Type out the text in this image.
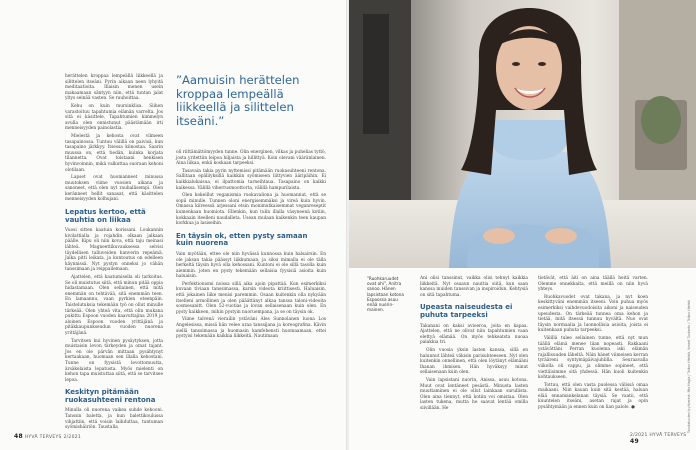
herättelen kroppaa lempeällä liikkeellä ja silittelen itseäni. Pyrin aikaan neen lyhyitä meditaatioita. Illaisin menen usein makaamaan säntyyn niin, että tuntan jalat yltys seinää vasten. Se rauhoittaa.

Kehu on kuin mursinklisa. Siihen varastoituu tapahtumia elämän varrelta. Jos sitä ei käsittele, Tapahtumien kimmelyn avulla olen onnistunut päästämään irti menneisyyden painolastia.

Mielestä ja kehosta ovat vilmeen tasapainossa. Tuntuu välillä on paivisä, kun tasapaino järkkyy. Itsessa kiinostaa. Saarin muussa on, että tiedän, kuinka korjata tilannetta. Ovat toistaani henkisen hyvinvoinnin, mikä valkuttaa suoraan kehoni olotilaan.

Lapset ovat huomanneet minussa muutoksen viime vuosien aikana ja sanoneet, että olen nyt rauhallisempi. Olen keränneet hellit sanasat, että käsittelen menneisyyden kolhujani.

Lepatus kertoo, että vauhtia on liikaa

Vuosi sitten kaatuin korissani. Loukannin kivilattialla ja rojahdin olkaan jalkaan päälle. Kipu oli niin kova, että taju meinasi lähteä. Magneettikuvauksessa selvisi täydellisen talluveiden hanverin repeämä. Jalka pitti leikata, ja kuntoutus on edelleen käynnissä. Nyt pystyn onneksi jo vähän tanssimaan ja reippailemaan.

Ajattelen, että kaatumisella oli tarkoitus. Se oli muistutus siitä, että minun pitää oppia hidastamaan. Olen sellainen, että mitä enemmän on tehtävää, sitä enemmän teen. En lamaannu, vaan pyrkien eteenpäin. Taistelutuksia tekemään työ on ollut minulle tärkeää. Olen yhteä vita, että olin mukana pukittu Espoon vuoden kaavuttajina 2019 ja aloinen Espoon vuoden yrittäjänä ja pitäkkaupunkseudun vuoden nuorena yrittäjänä.

Tarvitsen kui hyvinen pysäytyksen, jotta muistaisin levon tärkeyden ja omat tajant. Jos en ole pärvän mittaan pysähtynyt kertaakaan, huomaan sen illalla kehostani. Tunne on fyysistä levottomuutta, ärsäkelaista lepatusta. Myös mielenti on kehon tapa muistuttaa siitä, että se tarvitsee lepoa.

Keskityn pitämään ruokasuhteeni rentona

Minulla oli nuorena vaikea suhde kehooni. Tanssin baletta, ja kun balettikoulussa vihjattiin, että voisin laihduttaa, tuntuman syömishäiriön. Taustalla

”Aamuisin herättelen kroppaa lempeällä liikkeellä ja silittelen itseäni.”

oli riittämättömyyden tunne. Olin energinen, vilkas ja puhelias tyttö, josta yritettiin leipoa hiljaista ja hillittyä. Koin olevani vääränlainen. Aina liikaa, enkä koskaan tarpeeksi.

Tasavain takia pyrin nyttemissi pitämään ruokasuhteeni rentona. Sallitaan epälilyksillä kaikkiin syömiseen liittyvien ääripäihin. Ei kaikkialukaisua, ei ilpattomia tarneihtaua. Tasapaino on kaikki kaikessa. Välillä viherrusmoottorta, välillä hampurilaista.

Olen kokeillut veganismia ruokavaliona ja huomannut, että se sopii minulle. Tunnen oloni energisemmäksi ja vireä kuin hyvin. Omassa kiireessä arjessani etsin monimutkaisemmat veganreseptit kumenkaan huomiota. Ellenkin, kun tulin illalla väsyneenä kotiin, kokkaain iteelleni naudalleta. Usean mulaan kaikenkin teen kaupan korkkua ja lasiseihin.

En täysin ok, etten pysty samaan kuin nuorena

Vain myötään, ettee ole niin hyvässä kunnossa kuin halsairsin. En ole jaksan takia päässyt liikkumaan, ja siksi mimalla ei ole tälla herkeltä täysin hyvä olla kehossani. Kuntoni ei ole sillä tasolla kuin aiemmin. joten en pysty tekemään sellaisia fyysisiä asioita kuin haluaisin.

Perfektionismi noissa sillä aika ajoin pipattää. Kun esimerkiksi kuvaan tiviaan tanssimassa, karsin videota kriittisesti. Haluaisin, että jokainen liike menisi paremmin. Osaan kuitenkin olla nykyään itselleni armollinen ja olen pääättänyt alkaa tanssa taloni-videoita sosmesanitt. Olen 52-vuotias ja lovan sellaisenaan kuin olen. En pysty kaikkeen, mihin pystyin nuoruempana, ja se on täysin ok.

Viime talvenä vierailin ystäväni Ales Sunnolanen luona Los Angelesissa, missä hän velee uraa tanssijana ja koreografina. Kävin siellä tanssimassa ja huomasin kamfehensti huomaamaan, ettei pystyisi tekemään kaikkia liikkeitä. Nautimaan

48 HYVÄ TERVEYS 2/2021
Taustakuvien tyyliverinä: Mia Hagia / Talkoo Hietriä, Vosset Tuotanto / Talkoo Hietriä
"Ruohkaruudet ovat ohi", Anitra sanoo. Hänen lapsistaan kotona Espoossa asuu enää nuorin-mainen.

Ani olisi tanssinut, vaikka olisi tehnyt kaikkia liikkeitä. Nyt osaaun nauttia siitä, kun saan kanssa muiden tanssivan ja inspiroidun. Kehtysiä on sitä tapahtuma.

Upeasta naiseudesta ei puhuta tarpeeksi

Takanani on kaksi avioeroa, joita en kapaa. Ajattelen, että ne olivat niin tapahtumien vaan elettyä elämää. On myös tehkeatsta nuoaa palakkia tri.

Olin vuosia yksin lasten kanssa, sillä en halunnut lähteä väkisin parisuhteeseen. Nyt olen kuitenkin onnellinen, että olen löytänyt elämääni lhanan ihmisen. Hän hyväksyy minut sellaisenaan kuin olen.

Vain lapsistani nuorin, Anissa, asuu kotona. Muut ovat lentäneet pesästä. Minusta lasten muuttaminen ei ole ollut lainkaan surullista. Olen aina tiennyt, että kotiin voi omistaa. Olen lasten tukena, mutta he saavat lentää omilla siivillään. He

tietävät, että äiti on aina täällä heitä varten. Olemme onnekkaita, että meillä on niin hyvä yhteys.

Ruohkavuodet ovat takana, ja nyt koen keskittyväni enemmän itseeni. Voin puhua myös esimerkiksi vaihdevuodoisita aikoni ja naiseuden upeudesta. On tärkeää tunnea oma kehon ja tietää, mitä itsessä tunnuu hyvältä. Nuo ovat täysin normaalia ja luonnollisia asioita, joista ei kuitenkaan puhuta tarpeeksi.

Välillä tulee sellainen tunne, että nyt mun täällä elämä menee liian nopeasti. Rakkaani ystävättäni Perran kuolema iski elämän rajallisuuden läheltä. Näin hänet viimeisen kerran tyrääreni syntymäpäivajuhlilla. Seuraavalla viikolla oli vappu, ja olimme sopineet, että viettäisimme sitä yhdessä. Hän kuoli kuitenkin kohtaukseen.

Tottuu, että olen vasta puolessa välissä omaa maikaani. Niin kauan kuin sitä kestää, haluan elää ennamankelanan täysiä. Se vaatii, että kuuntelen itseäni, asetan rajat ja opin pysähtymään ja ennen kuin on lian palolo. ●

2/2021 HYVÄ TERVEYS 49
